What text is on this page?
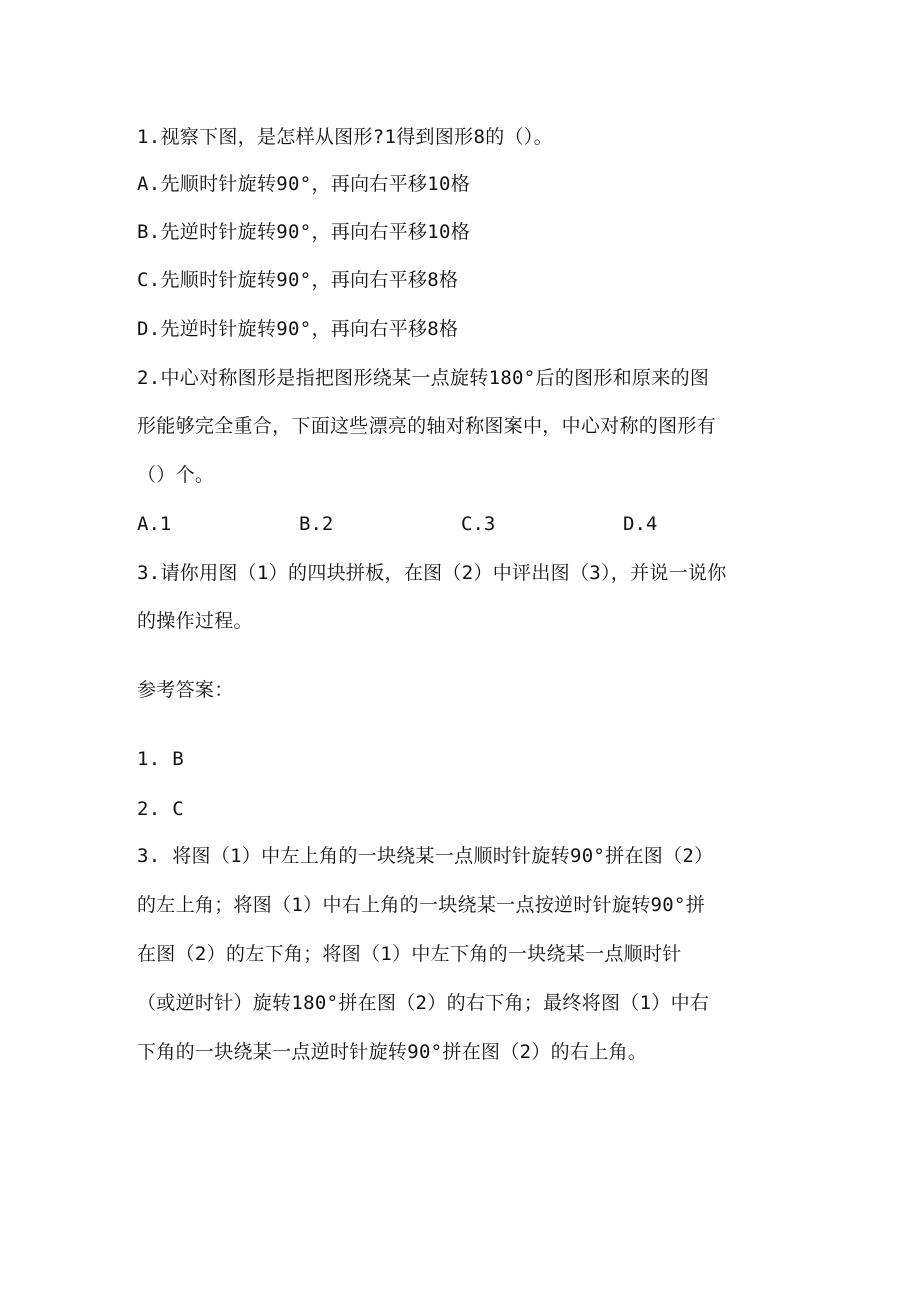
1.视察下图，是怎样从图形?1得到图形8的（）。
A.先顺时针旋转90°，再向右平移10格
B.先逆时针旋转90°，再向右平移10格
C.先顺时针旋转90°，再向右平移8格
D.先逆时针旋转90°，再向右平移8格
2.中心对称图形是指把图形绕某一点旋转180°后的图形和原来的图
形能够完全重合，下面这些漂亮的轴对称图案中，中心对称的图形有
（）个。
A.1	B.2	C.3	D.4
3.请你用图（1）的四块拼板，在图（2）中评出图（3），并说一说你
的操作过程。
参考答案：
1. B
2. C
3. 将图（1）中左上角的一块绕某一点顺时针旋转90°拼在图（2）
的左上角；将图（1）中右上角的一块绕某一点按逆时针旋转90°拼
在图（2）的左下角；将图（1）中左下角的一块绕某一点顺时针
（或逆时针）旋转180°拼在图（2）的右下角；最终将图（1）中右
下角的一块绕某一点逆时针旋转90°拼在图（2）的右上角。
